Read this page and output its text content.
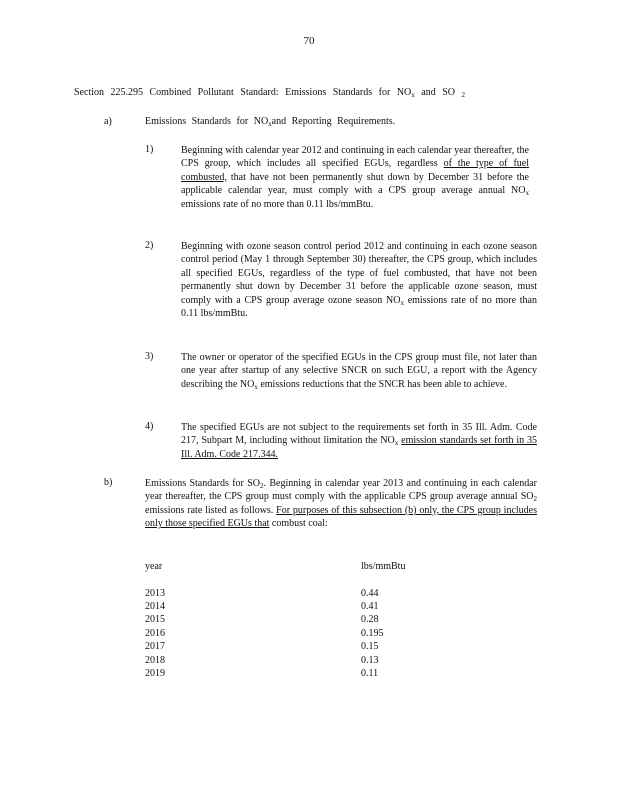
70
Section 225.295 Combined Pollutant Standard: Emissions Standards for $NO_x$ and SO $_2$
a)	Emissions Standards for $NO_xand$ Reporting Requirements.
1)	Beginning with calendar year 2012 and continuing in each calendar year thereafter, the CPS group, which includes all specified EGUs, regardless of the type of fuel combusted, that have not been permanently shut down by December 31 before the applicable calendar year, must comply with a CPS group average annual $NO_x$ emissions rate of no more than 0.11 lbs/mmBtu.
2)	Beginning with ozone season control period 2012 and continuing in each ozone season control period (May 1 through September 30) thereafter, the CPS group, which includes all specified EGUs, regardless of the type of fuel combusted, that have not been permanently shut down by December 31 before the applicable ozone season, must comply with a CPS group average ozone season $NO_x$ emissions rate of no more than 0.11 lbs/mmBtu.
3)	The owner or operator of the specified EGUs in the CPS group must file, not later than one year after startup of any selective SNCR on such EGU, a report with the Agency describing the $NO_x$ emissions reductions that the SNCR has been able to achieve.
4)	The specified EGUs are not subject to the requirements set forth in 35 Ill. Adm. Code 217, Subpart M, including without limitation the $NO_x$ emission standards set forth in 35 Ill. Adm. Code 217.344.
b)	Emissions Standards for $SO_2$. Beginning in calendar year 2013 and continuing in each calendar year thereafter, the CPS group must comply with the applicable CPS group average annual $SO_2$ emissions rate listed as follows. For purposes of this subsection (b) only, the CPS group includes only those specified EGUs that combust coal:
year	lbs/mmBtu
2013	0.44
2014	0.41
2015	0.28
2016	0.195
2017	0.15
2018	0.13
2019	0.11
